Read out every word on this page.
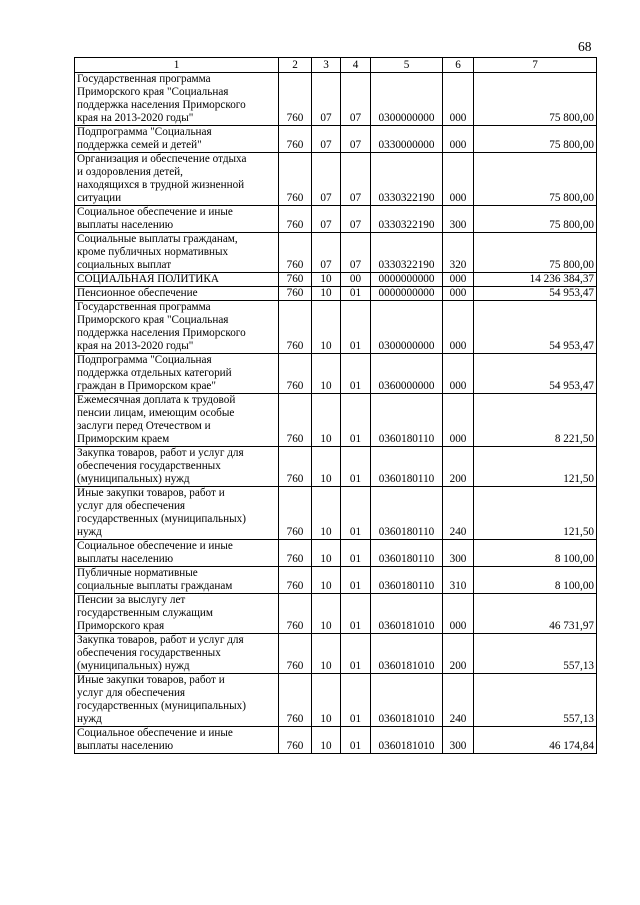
68
1	2	3	4	5	6	7

Государственная программа
Приморского края "Социальная
поддержка населения Приморского
края на 2013-2020 годы"	760	07	07	0300000000	000	75 800,00

Подпрограмма "Социальная
поддержка семей и детей"	760	07	07	0330000000	000	75 800,00

Организация и обеспечение отдыха
и оздоровления детей,
находящихся в трудной жизненной
ситуации	760	07	07	0330322190	000	75 800,00

Социальное обеспечение и иные
выплаты населению	760	07	07	0330322190	300	75 800,00

Социальные выплаты гражданам,
кроме публичных нормативных
социальных выплат	760	07	07	0330322190	320	75 800,00

СОЦИАЛЬНАЯ ПОЛИТИКА	760	10	00	0000000000	000	14 236 384,37

Пенсионное обеспечение	760	10	01	0000000000	000	54 953,47

Государственная программа
Приморского края "Социальная
поддержка населения Приморского
края на 2013-2020 годы"	760	10	01	0300000000	000	54 953,47

Подпрограмма "Социальная
поддержка отдельных категорий
граждан в Приморском крае"	760	10	01	0360000000	000	54 953,47

Ежемесячная доплата к трудовой
пенсии лицам, имеющим особые
заслуги перед Отечеством и
Приморским краем	760	10	01	0360180110	000	8 221,50

Закупка товаров, работ и услуг для
обеспечения государственных
(муниципальных) нужд	760	10	01	0360180110	200	121,50

Иные закупки товаров, работ и
услуг для обеспечения
государственных (муниципальных)
нужд	760	10	01	0360180110	240	121,50

Социальное обеспечение и иные
выплаты населению	760	10	01	0360180110	300	8 100,00

Публичные нормативные
социальные выплаты гражданам	760	10	01	0360180110	310	8 100,00

Пенсии за выслугу лет
государственным служащим
Приморского края	760	10	01	0360181010	000	46 731,97

Закупка товаров, работ и услуг для
обеспечения государственных
(муниципальных) нужд	760	10	01	0360181010	200	557,13

Иные закупки товаров, работ и
услуг для обеспечения
государственных (муниципальных)
нужд	760	10	01	0360181010	240	557,13

Социальное обеспечение и иные
выплаты населению	760	10	01	0360181010	300	46 174,84
